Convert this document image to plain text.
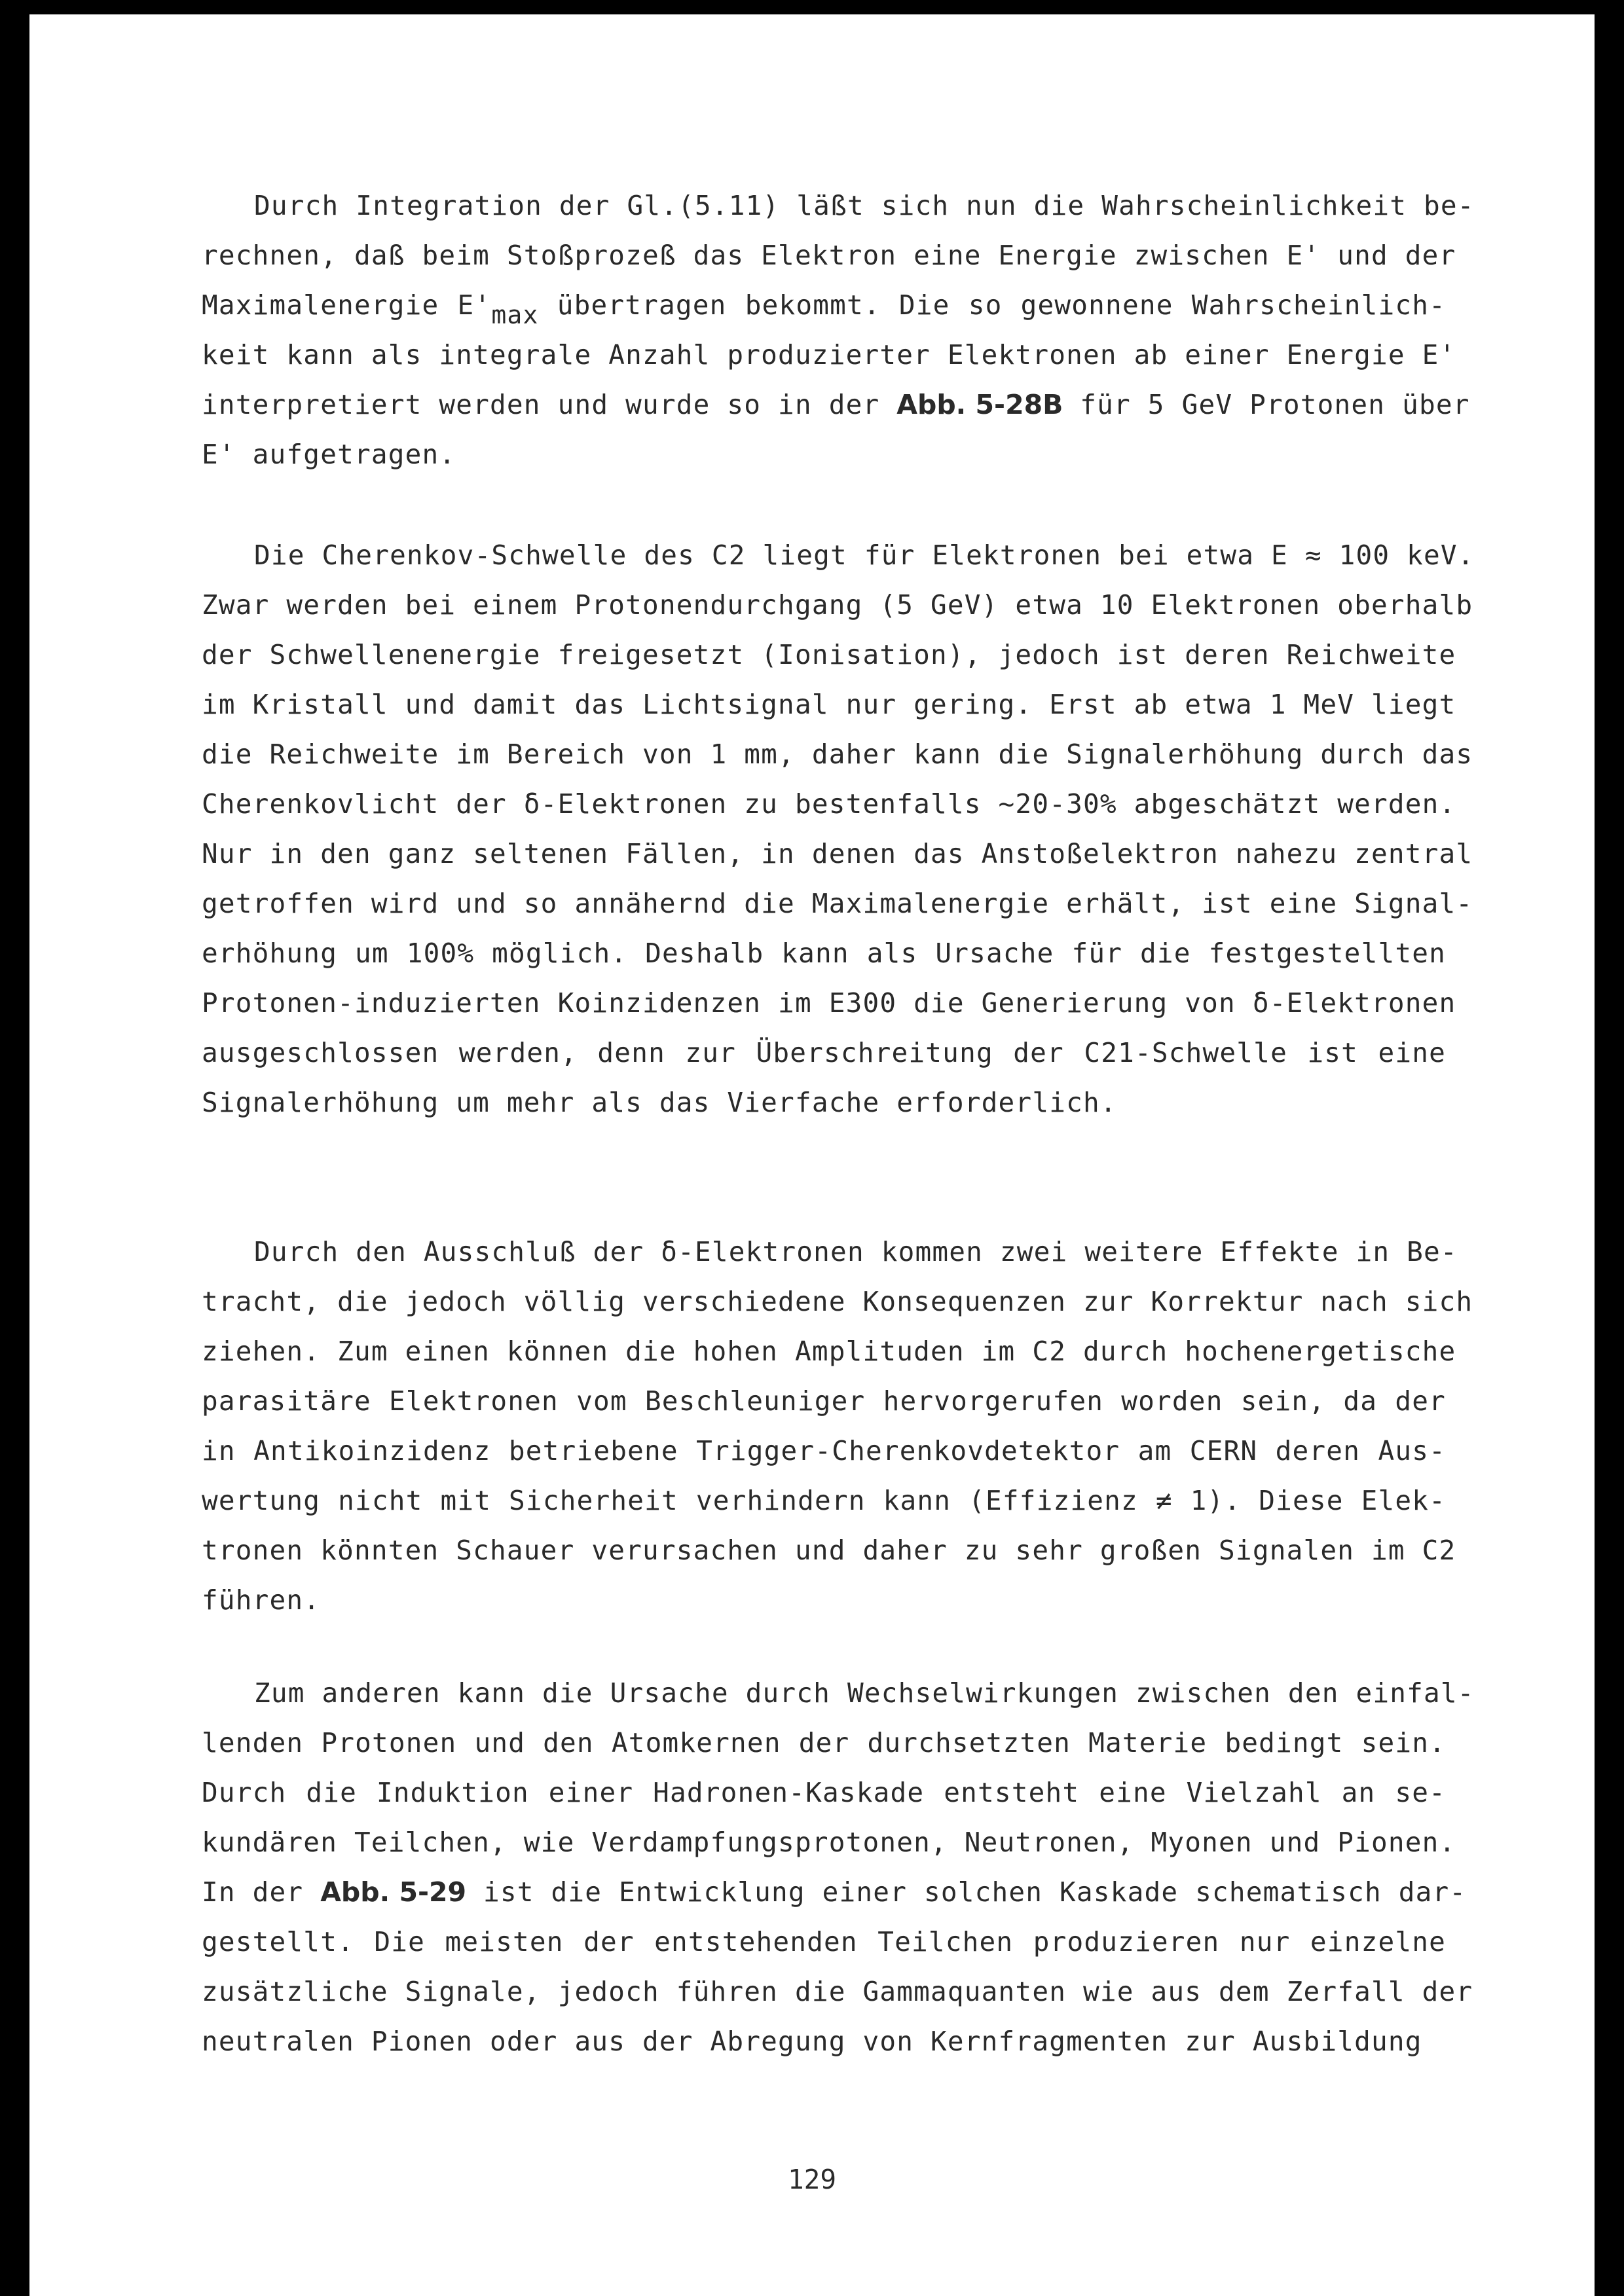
Durch Integration der Gl.(5.11) läßt sich nun die Wahrscheinlichkeit be-
rechnen, daß beim Stoßprozeß das Elektron eine Energie zwischen E' und der
Maximalenergie E'max übertragen bekommt. Die so gewonnene Wahrscheinlich-
keit kann als integrale Anzahl produzierter Elektronen ab einer Energie E'
interpretiert werden und wurde so in der Abb. 5-28B für 5 GeV Protonen über
E' aufgetragen.
Die Cherenkov-Schwelle des C2 liegt für Elektronen bei etwa E ≈ 100 keV.
Zwar werden bei einem Protonendurchgang (5 GeV) etwa 10 Elektronen oberhalb
der Schwellenenergie freigesetzt (Ionisation), jedoch ist deren Reichweite
im Kristall und damit das Lichtsignal nur gering. Erst ab etwa 1 MeV liegt
die Reichweite im Bereich von 1 mm, daher kann die Signalerhöhung durch das
Cherenkovlicht der δ-Elektronen zu bestenfalls ~20-30% abgeschätzt werden.
Nur in den ganz seltenen Fällen, in denen das Anstoßelektron nahezu zentral
getroffen wird und so annähernd die Maximalenergie erhält, ist eine Signal-
erhöhung um 100% möglich. Deshalb kann als Ursache für die festgestellten
Protonen-induzierten Koinzidenzen im E300 die Generierung von δ-Elektronen
ausgeschlossen werden, denn zur Überschreitung der C21-Schwelle ist eine
Signalerhöhung um mehr als das Vierfache erforderlich.
Durch den Ausschluß der δ-Elektronen kommen zwei weitere Effekte in Be-
tracht, die jedoch völlig verschiedene Konsequenzen zur Korrektur nach sich
ziehen. Zum einen können die hohen Amplituden im C2 durch hochenergetische
parasitäre Elektronen vom Beschleuniger hervorgerufen worden sein, da der
in Antikoinzidenz betriebene Trigger-Cherenkovdetektor am CERN deren Aus-
wertung nicht mit Sicherheit verhindern kann (Effizienz ≠ 1). Diese Elek-
tronen könnten Schauer verursachen und daher zu sehr großen Signalen im C2
führen.
Zum anderen kann die Ursache durch Wechselwirkungen zwischen den einfal-
lenden Protonen und den Atomkernen der durchsetzten Materie bedingt sein.
Durch die Induktion einer Hadronen-Kaskade entsteht eine Vielzahl an se-
kundären Teilchen, wie Verdampfungsprotonen, Neutronen, Myonen und Pionen.
In der Abb. 5-29 ist die Entwicklung einer solchen Kaskade schematisch dar-
gestellt. Die meisten der entstehenden Teilchen produzieren nur einzelne
zusätzliche Signale, jedoch führen die Gammaquanten wie aus dem Zerfall der
neutralen Pionen oder aus der Abregung von Kernfragmenten zur Ausbildung
129
